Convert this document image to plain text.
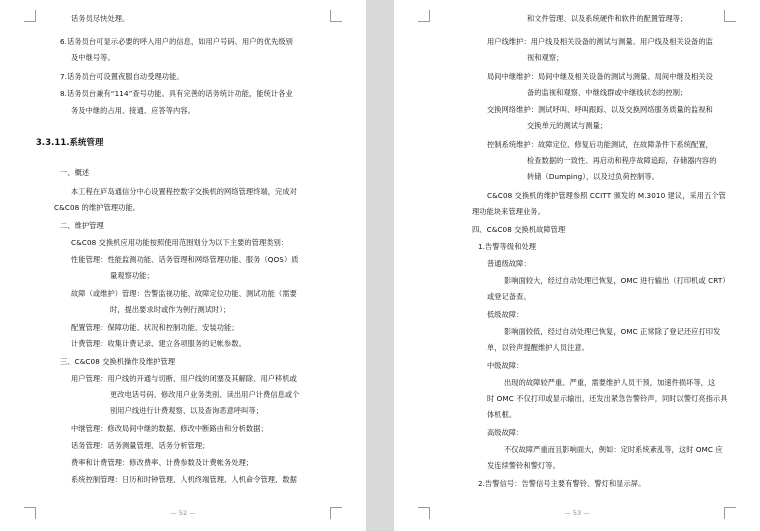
话务员尽快处理。
6.话务员台可显示必要的呼入用户的信息，如用户号码、用户的优先级别
及中继号等。
7.话务员台可设置夜服自动受理功能。
8.话务员台兼有“114”查号功能。具有完善的话务统计功能，能统计各业
务及中继的占用、接通、应答等内容。
3.3.11.系统管理
一、概述
本工程在庐岛通信分中心设置程控数字交换机的网络管理终端，完成对
C&C08 的维护管理功能。
二、维护管理
C&C08 交换机应用功能按照使用范围划分为以下主要的管理类别：
性能管理：性能监测功能、话务管理和网络管理功能、服务（QOS）质
量观察功能；
故障（或维护）管理：告警监视功能、故障定位功能、测试功能（需要
时，提出要求时或作为例行测试时）；
配置管理：保障功能、状况和控制功能、安装功能；
计费管理：收集计费记录、建立各项服务的记帐参数。
三、C&C08 交换机操作及维护管理
用户管理：用户线的开通与切断、用户线的闭塞及其解除、用户移机或
更改电话号码、修改用户业务类别、读出用户计费信息或个
别用户线进行计费观察、以及查询恶意呼叫等；
中继管理：修改局间中继的数据、修改中断路由和分析数据；
话务管理：话务测量管理、话务分析管理；
费率和计费管理：修改费率、计费参数及计费帐务处理；
系统控制管理：日历和时钟管理、人机终端管理、人机命令管理、数据
— 52 —
和文件管理、以及系统硬件和软件的配置管理等；
用户线维护：用户线及相关设备的测试与测量、用户线及相关设备的监
视和观察；
局间中继维护：局间中继及相关设备的测试与测量、局间中继及相关设
备的监视和观察、中继线群或中继线状态的控制；
交换网络维护：测试呼叫、呼叫跟踪、以及交换网络服务质量的监视和
交换单元的测试与测量；
控制系统维护：故障定位、修复后功能测试，在故障条件下系统配置，
检查数据的一致性、再启动和程序故障追踪，存储器内容的
转储（Dumping），以及过负荷控制等。
C&C08 交换机的维护管理参照 CCITT 颁发的 M.3010 建议，采用五个管
理功能块来管理业务。
四、C&C08 交换机故障管理
1.告警等级和处理
普通级故障：
影响面较大，经过自动处理已恢复，OMC 进行输出（打印机或 CRT）
或登记备查。
低级故障：
影响面较低，经过自动处理已恢复，OMC 正常除了登记还应打印发
单，以铃声提醒维护人员注意。
中级故障：
出现的故障较严重、严重，需要维护人员干预，加速件损坏等，这
时 OMC 不仅打印或显示输出，还发出紧急告警铃声，同时以警灯亮指示具
体机框。
高级故障：
不仅故障严重而且影响面大，例如：定时系统紊乱等，这时 OMC 应
发连续警铃和警灯等。
2.告警信号：告警信号主要有警铃、警灯和显示屏。
— 53 —
